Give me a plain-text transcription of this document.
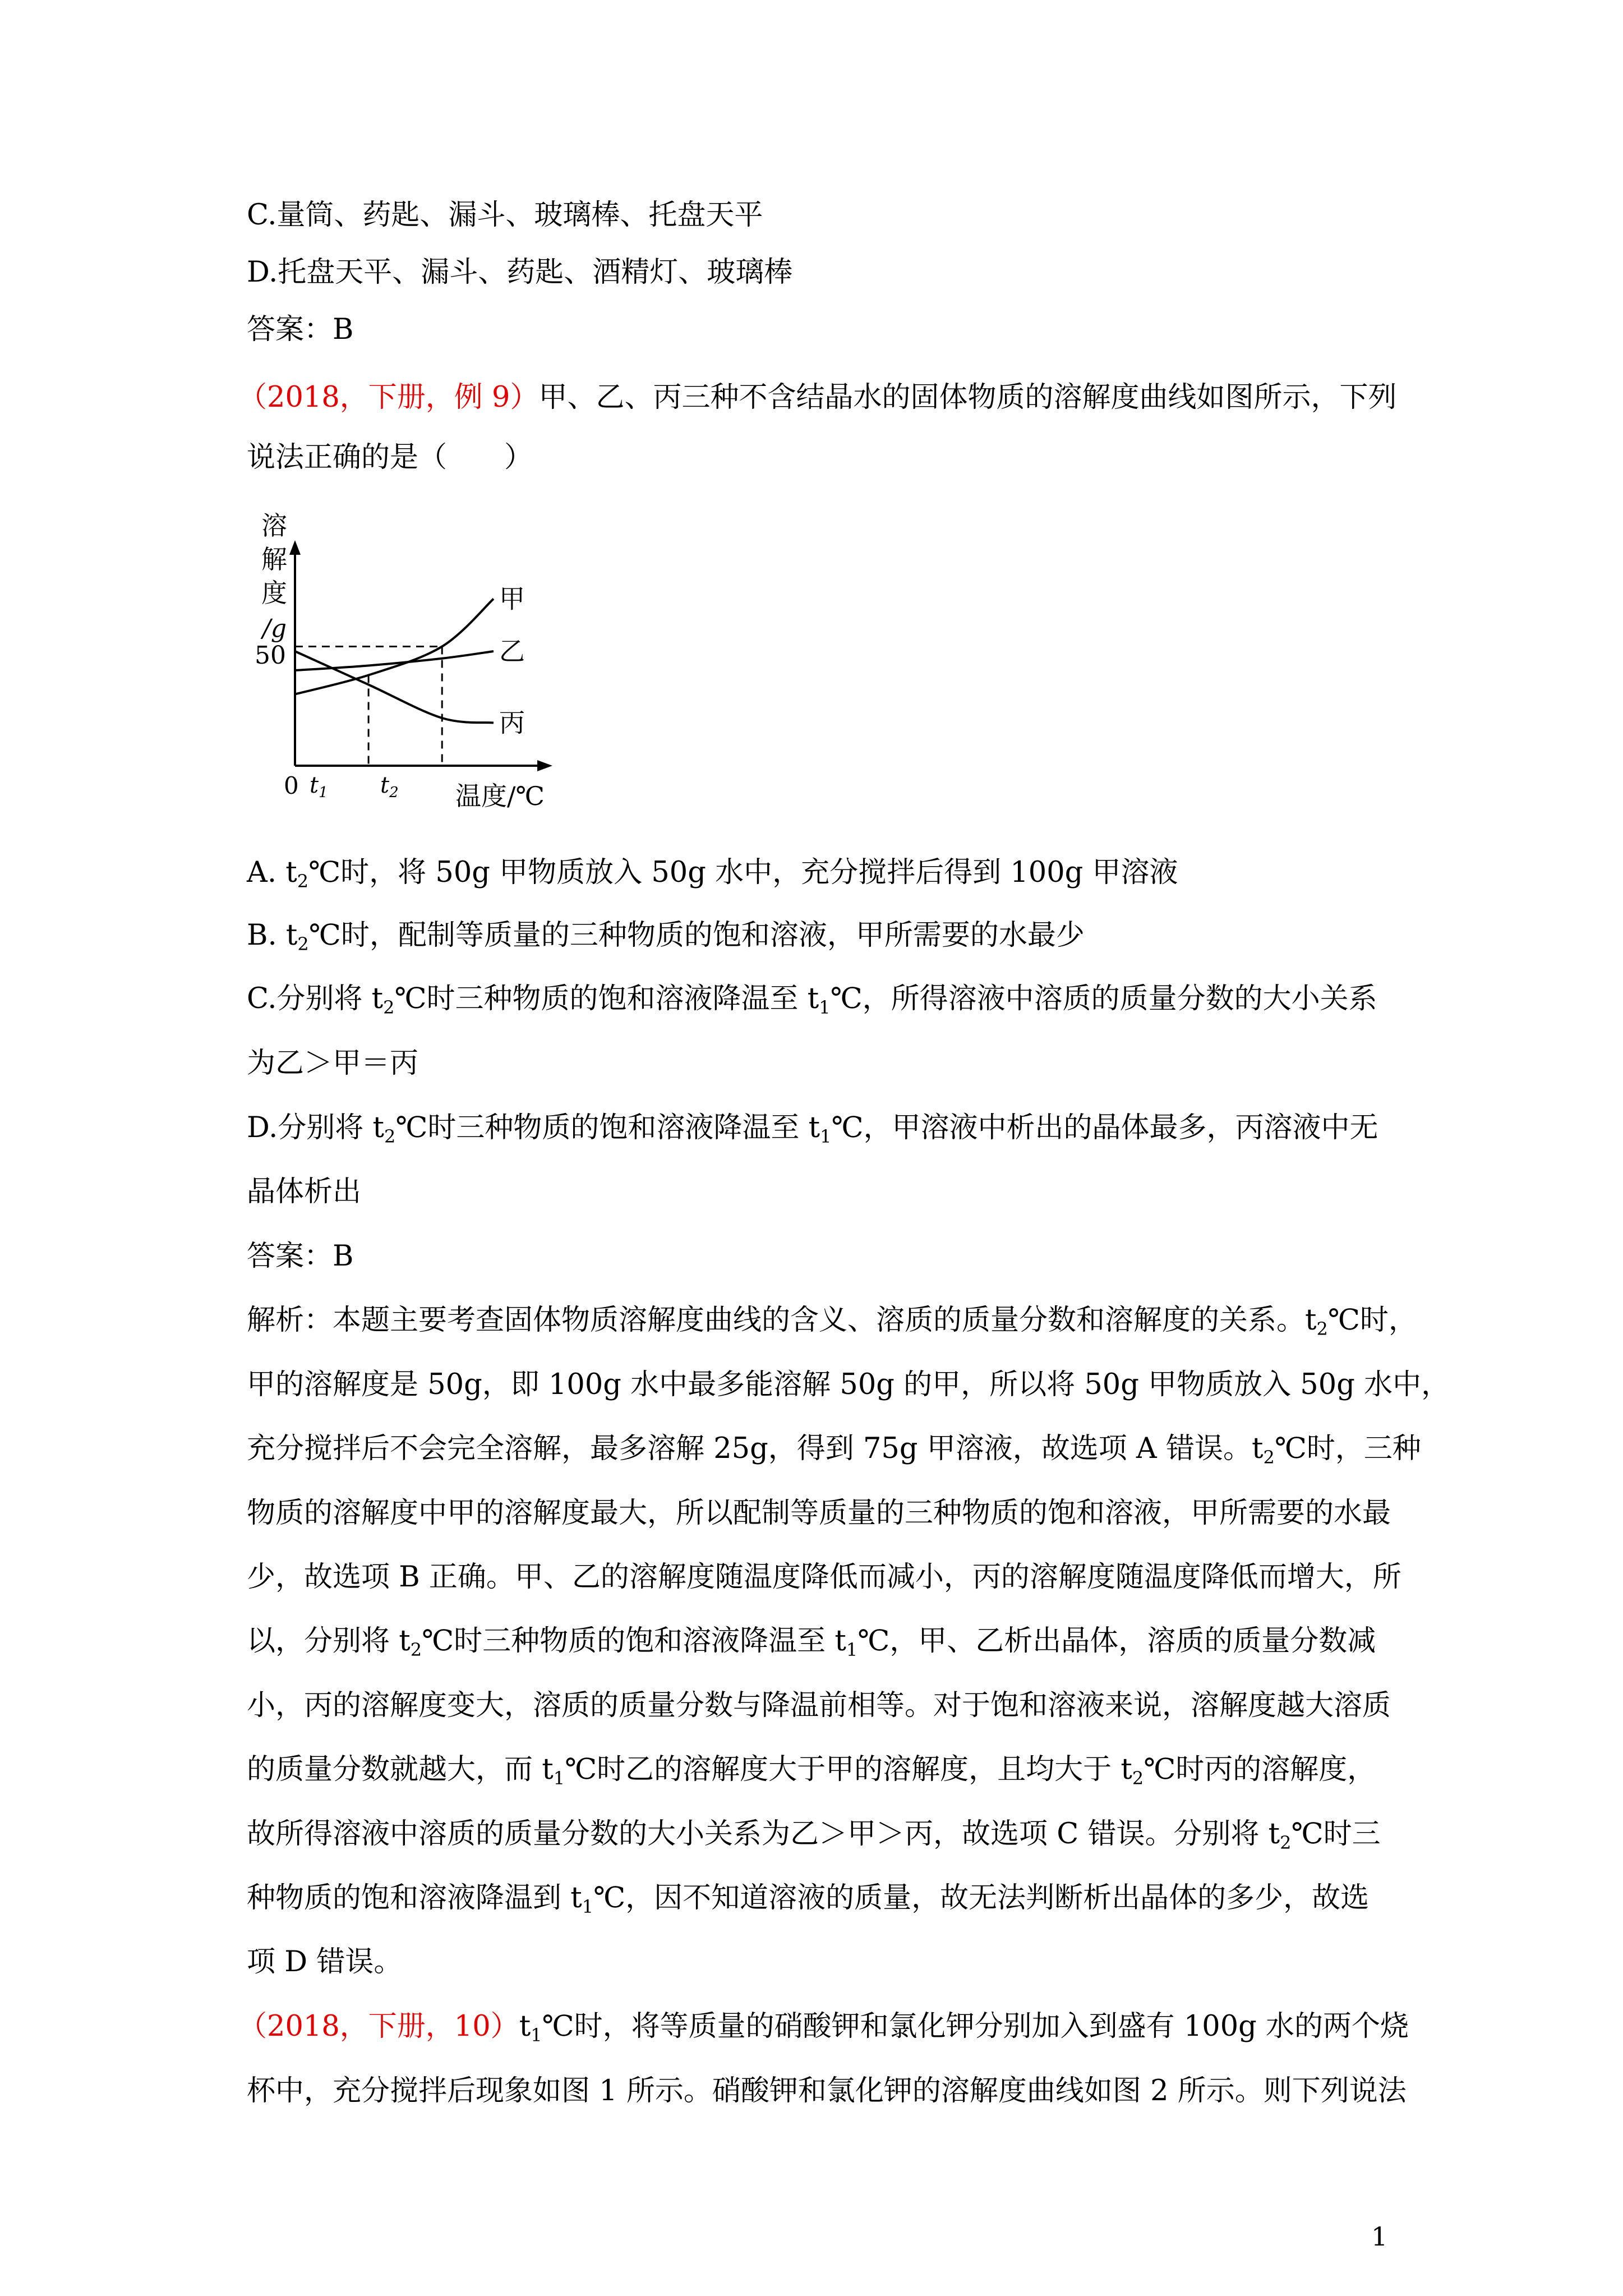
C.量筒、药匙、漏斗、玻璃棒、托盘天平
D.托盘天平、漏斗、药匙、酒精灯、玻璃棒
答案：B
（2018，下册，例 9）甲、乙、丙三种不含结晶水的固体物质的溶解度曲线如图所示，下列
说法正确的是（　　）
溶
解
度
/g
50
甲
乙
丙
0 $t_1$ $t_2$ 温度/℃
A. $t_2℃$时，将 50g 甲物质放入 50g 水中，充分搅拌后得到 100g 甲溶液
B. $t_2℃$时，配制等质量的三种物质的饱和溶液，甲所需要的水最少
C.分别将 $t_2℃$时三种物质的饱和溶液降温至 $t_1℃$，所得溶液中溶质的质量分数的大小关系
为乙＞甲＝丙
D.分别将 $t_2℃$时三种物质的饱和溶液降温至 $t_1℃$，甲溶液中析出的晶体最多，丙溶液中无
晶体析出
答案：B
解析：本题主要考查固体物质溶解度曲线的含义、溶质的质量分数和溶解度的关系。$t_2℃$时，
甲的溶解度是 50g，即 100g 水中最多能溶解 50g 的甲，所以将 50g 甲物质放入 50g 水中，
充分搅拌后不会完全溶解，最多溶解 25g，得到 75g 甲溶液，故选项 A 错误。$t_2℃$时，三种
物质的溶解度中甲的溶解度最大，所以配制等质量的三种物质的饱和溶液，甲所需要的水最
少，故选项 B 正确。甲、乙的溶解度随温度降低而减小，丙的溶解度随温度降低而增大，所
以，分别将 $t_2℃$时三种物质的饱和溶液降温至 $t_1℃$，甲、乙析出晶体，溶质的质量分数减
小，丙的溶解度变大，溶质的质量分数与降温前相等。对于饱和溶液来说，溶解度越大溶质
的质量分数就越大，而 $t_1℃$时乙的溶解度大于甲的溶解度，且均大于 $t_2℃$时丙的溶解度，
故所得溶液中溶质的质量分数的大小关系为乙＞甲＞丙，故选项 C 错误。分别将 $t_2℃$时三
种物质的饱和溶液降温到 $t_1℃$，因不知道溶液的质量，故无法判断析出晶体的多少，故选
项 D 错误。
（2018，下册，$10)t_1℃$时，将等质量的硝酸钾和氯化钾分别加入到盛有 100g 水的两个烧
杯中，充分搅拌后现象如图 1 所示。硝酸钾和氯化钾的溶解度曲线如图 2 所示。则下列说法
1
